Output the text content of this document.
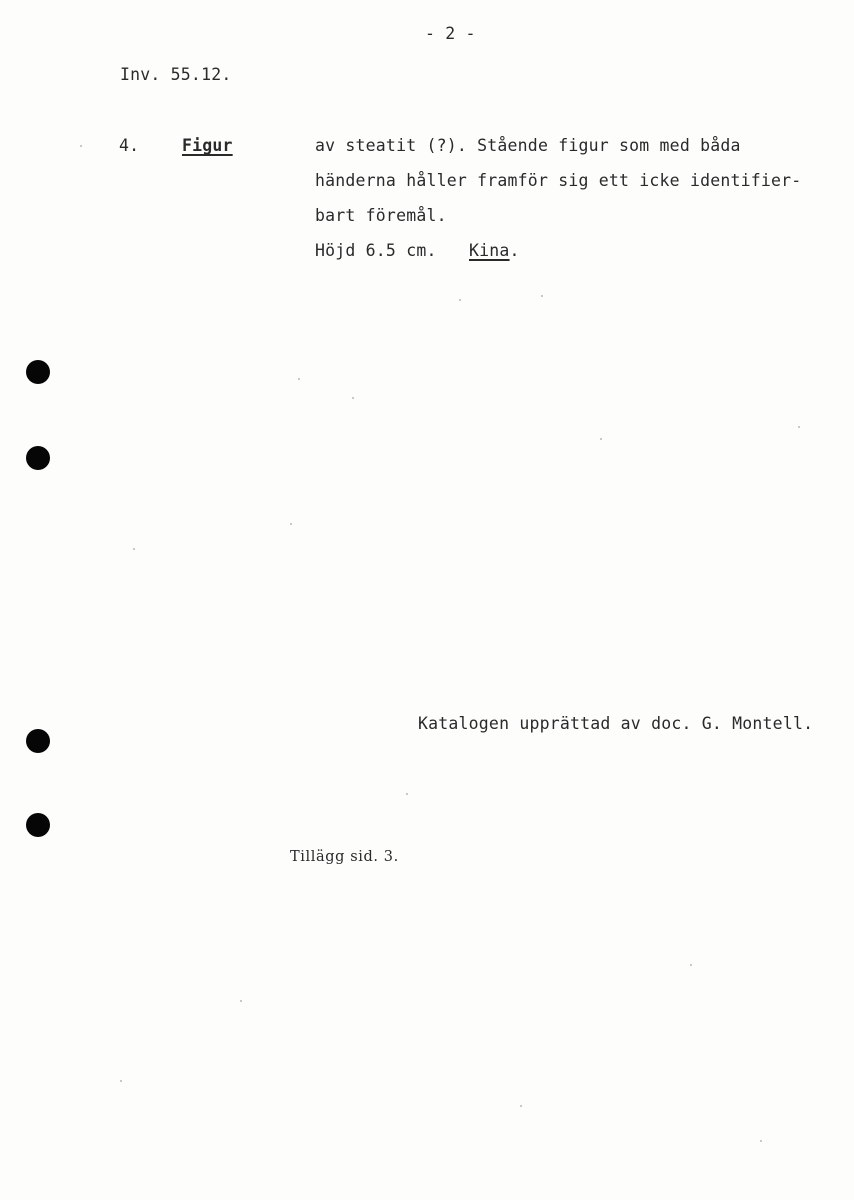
- 2 -
Inv. 55.12.
4.	Figur	av steatit (?). Stående figur som med båda
händerna håller framför sig ett icke identifier-
bart föremål.
Höjd 6.5 cm. Kina.
Katalogen upprättad av doc. G. Montell.
Tillägg sid. 3.
